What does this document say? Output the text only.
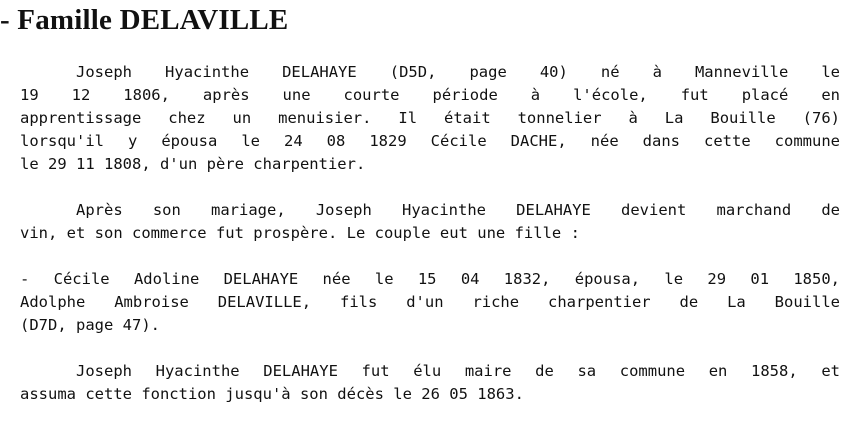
- Famille DELAVILLE

Joseph Hyacinthe DELAHAYE (D5D, page 40) né à Manneville le
19 12 1806, après une courte période à l'école, fut placé en
apprentissage chez un menuisier. Il était tonnelier à La Bouille (76)
lorsqu'il y épousa le 24 08 1829 Cécile DACHE, née dans cette commune
le 29 11 1808, d'un père charpentier.

Après son mariage, Joseph Hyacinthe DELAHAYE devient marchand de
vin, et son commerce fut prospère. Le couple eut une fille :

- Cécile Adoline DELAHAYE née le 15 04 1832, épousa, le 29 01 1850,
Adolphe Ambroise DELAVILLE, fils d'un riche charpentier de La Bouille
(D7D, page 47).

Joseph Hyacinthe DELAHAYE fut élu maire de sa commune en 1858, et
assuma cette fonction jusqu'à son décès le 26 05 1863.
